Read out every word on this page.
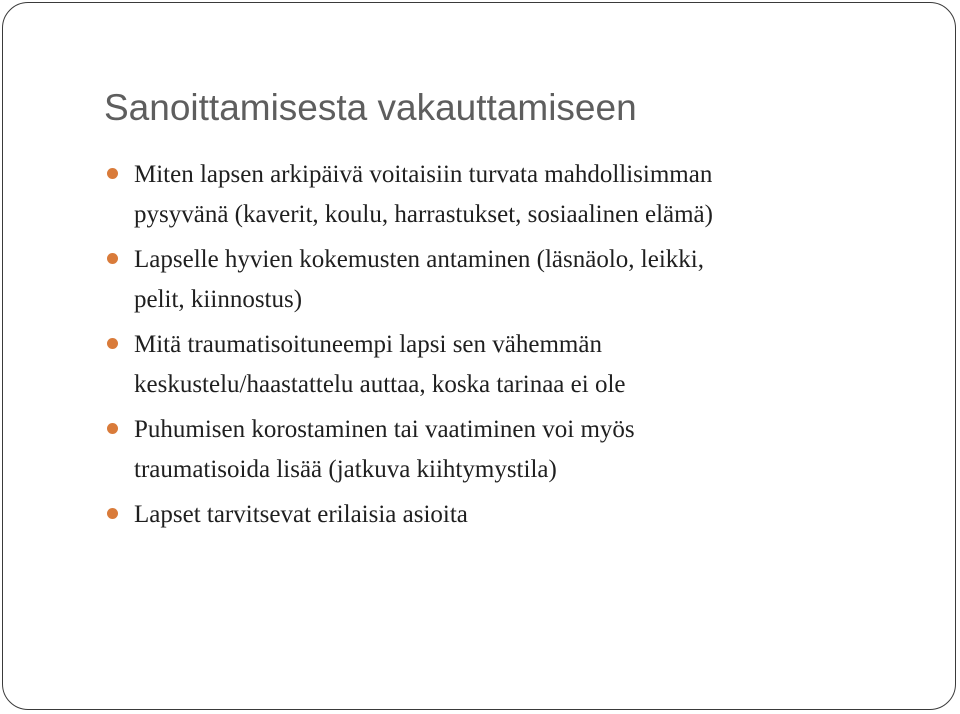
Sanoittamisesta vakauttamiseen
Miten lapsen arkipäivä voitaisiin turvata mahdollisimman
pysyvänä (kaverit, koulu, harrastukset, sosiaalinen elämä)
Lapselle hyvien kokemusten antaminen (läsnäolo, leikki,
pelit, kiinnostus)
Mitä traumatisoituneempi lapsi sen vähemmän
keskustelu/haastattelu auttaa, koska tarinaa ei ole
Puhumisen korostaminen tai vaatiminen voi myös
traumatisoida lisää (jatkuva kiihtymystila)
Lapset tarvitsevat erilaisia asioita
